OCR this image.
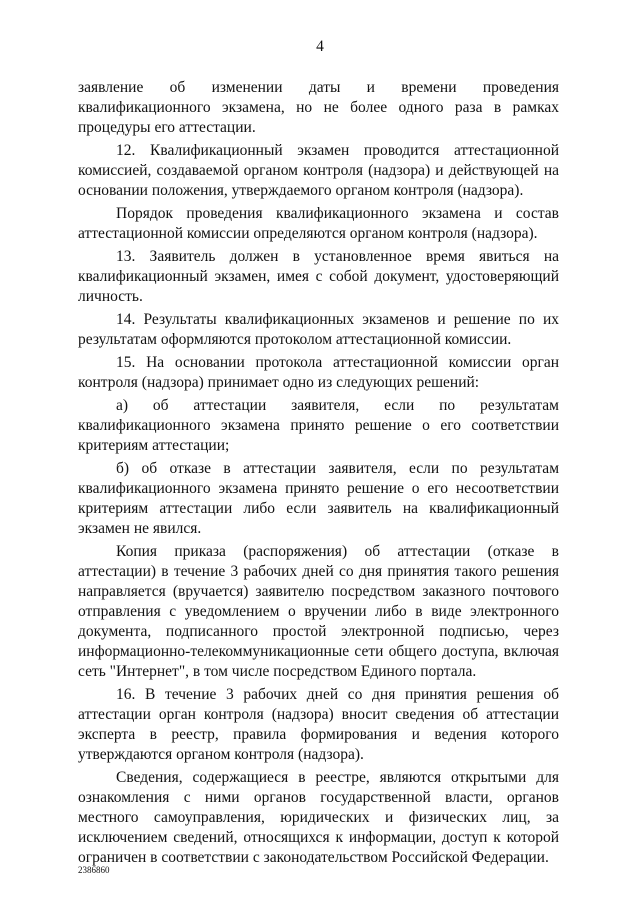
4

заявление об изменении даты и времени проведения квалификационного экзамена, но не более одного раза в рамках процедуры его аттестации.

12. Квалификационный экзамен проводится аттестационной комиссией, создаваемой органом контроля (надзора) и действующей на основании положения, утверждаемого органом контроля (надзора).

Порядок проведения квалификационного экзамена и состав аттестационной комиссии определяются органом контроля (надзора).

13. Заявитель должен в установленное время явиться на квалификационный экзамен, имея с собой документ, удостоверяющий личность.

14. Результаты квалификационных экзаменов и решение по их результатам оформляются протоколом аттестационной комиссии.

15. На основании протокола аттестационной комиссии орган контроля (надзора) принимает одно из следующих решений:

а) об аттестации заявителя, если по результатам квалификационного экзамена принято решение о его соответствии критериям аттестации;

б) об отказе в аттестации заявителя, если по результатам квалификационного экзамена принято решение о его несоответствии критериям аттестации либо если заявитель на квалификационный экзамен не явился.

Копия приказа (распоряжения) об аттестации (отказе в аттестации) в течение 3 рабочих дней со дня принятия такого решения направляется (вручается) заявителю посредством заказного почтового отправления с уведомлением о вручении либо в виде электронного документа, подписанного простой электронной подписью, через информационно-телекоммуникационные сети общего доступа, включая сеть "Интернет", в том числе посредством Единого портала.

16. В течение 3 рабочих дней со дня принятия решения об аттестации орган контроля (надзора) вносит сведения об аттестации эксперта в реестр, правила формирования и ведения которого утверждаются органом контроля (надзора).

Сведения, содержащиеся в реестре, являются открытыми для ознакомления с ними органов государственной власти, органов местного самоуправления, юридических и физических лиц, за исключением сведений, относящихся к информации, доступ к которой ограничен в соответствии с законодательством Российской Федерации.

2386860
